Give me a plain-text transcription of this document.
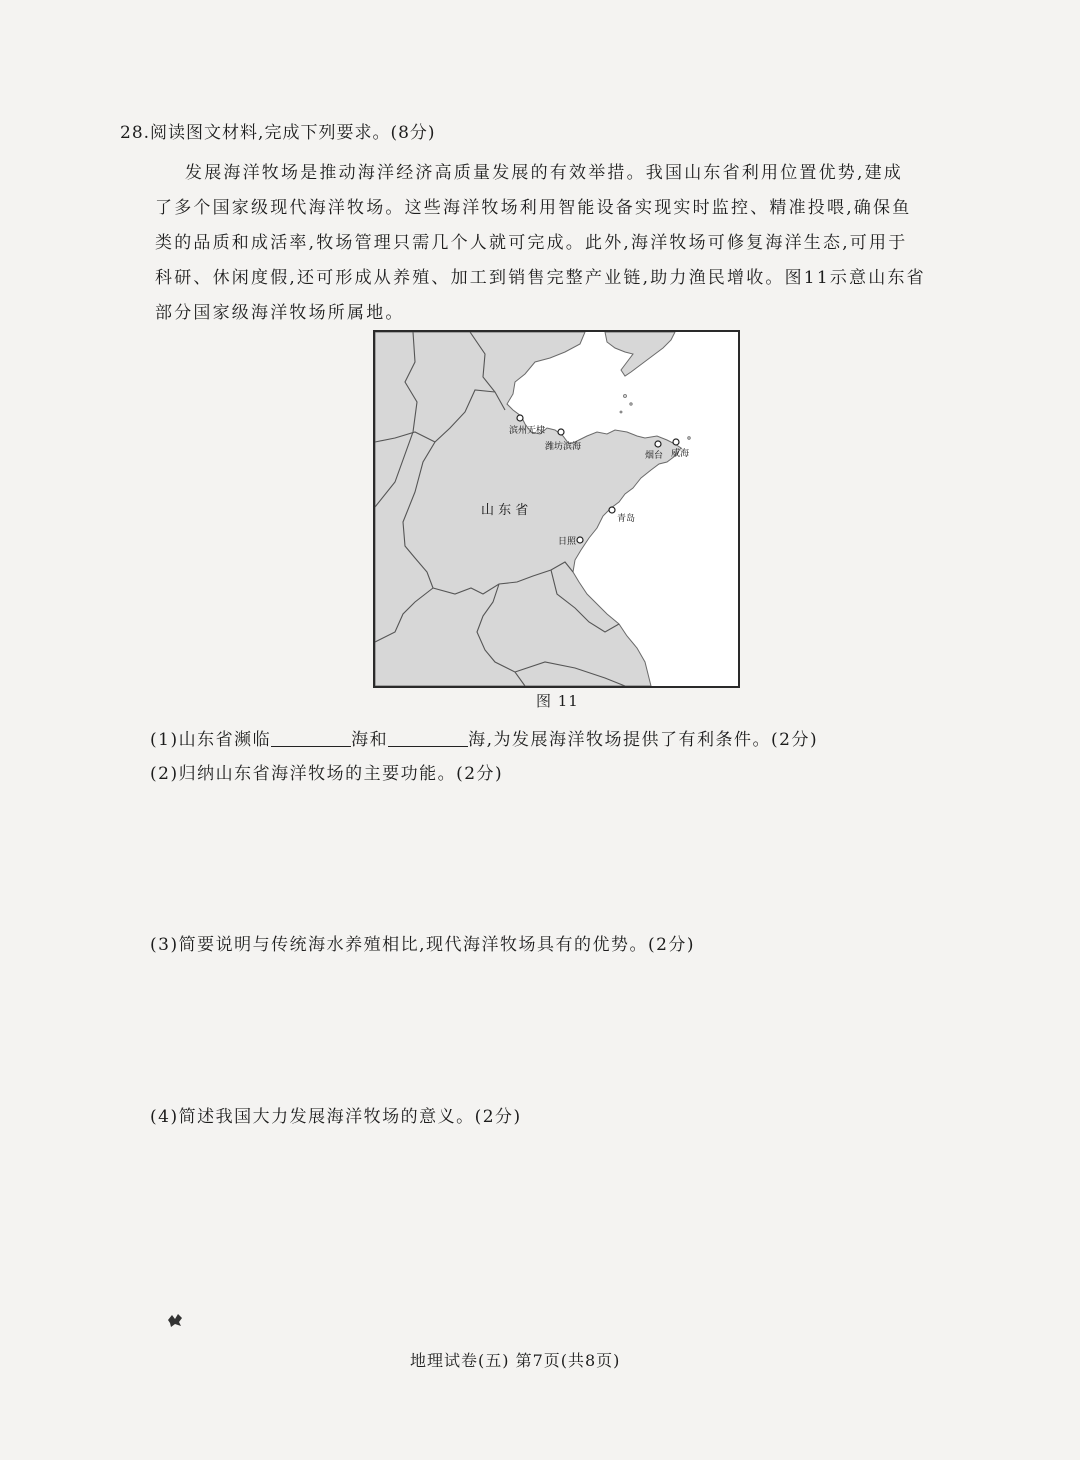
28.阅读图文材料,完成下列要求。(8分)

发展海洋牧场是推动海洋经济高质量发展的有效举措。我国山东省利用位置优势,建成

了多个国家级现代海洋牧场。这些海洋牧场利用智能设备实现实时监控、精准投喂,确保鱼

类的品质和成活率,牧场管理只需几个人就可完成。此外,海洋牧场可修复海洋生态,可用于

科研、休闲度假,还可形成从养殖、加工到销售完整产业链,助力渔民增收。图11示意山东省

部分国家级海洋牧场所属地。

滨州无棣
潍坊滨海
烟台 威海
青岛
日照
山 东 省
图 11
(1)山东省濒临	海和	海,为发展海洋牧场提供了有利条件。(2分)
(2)归纳山东省海洋牧场的主要功能。(2分)
(3)简要说明与传统海水养殖相比,现代海洋牧场具有的优势。(2分)
(4)简述我国大力发展海洋牧场的意义。(2分)
地理试卷(五) 第7页(共8页)
